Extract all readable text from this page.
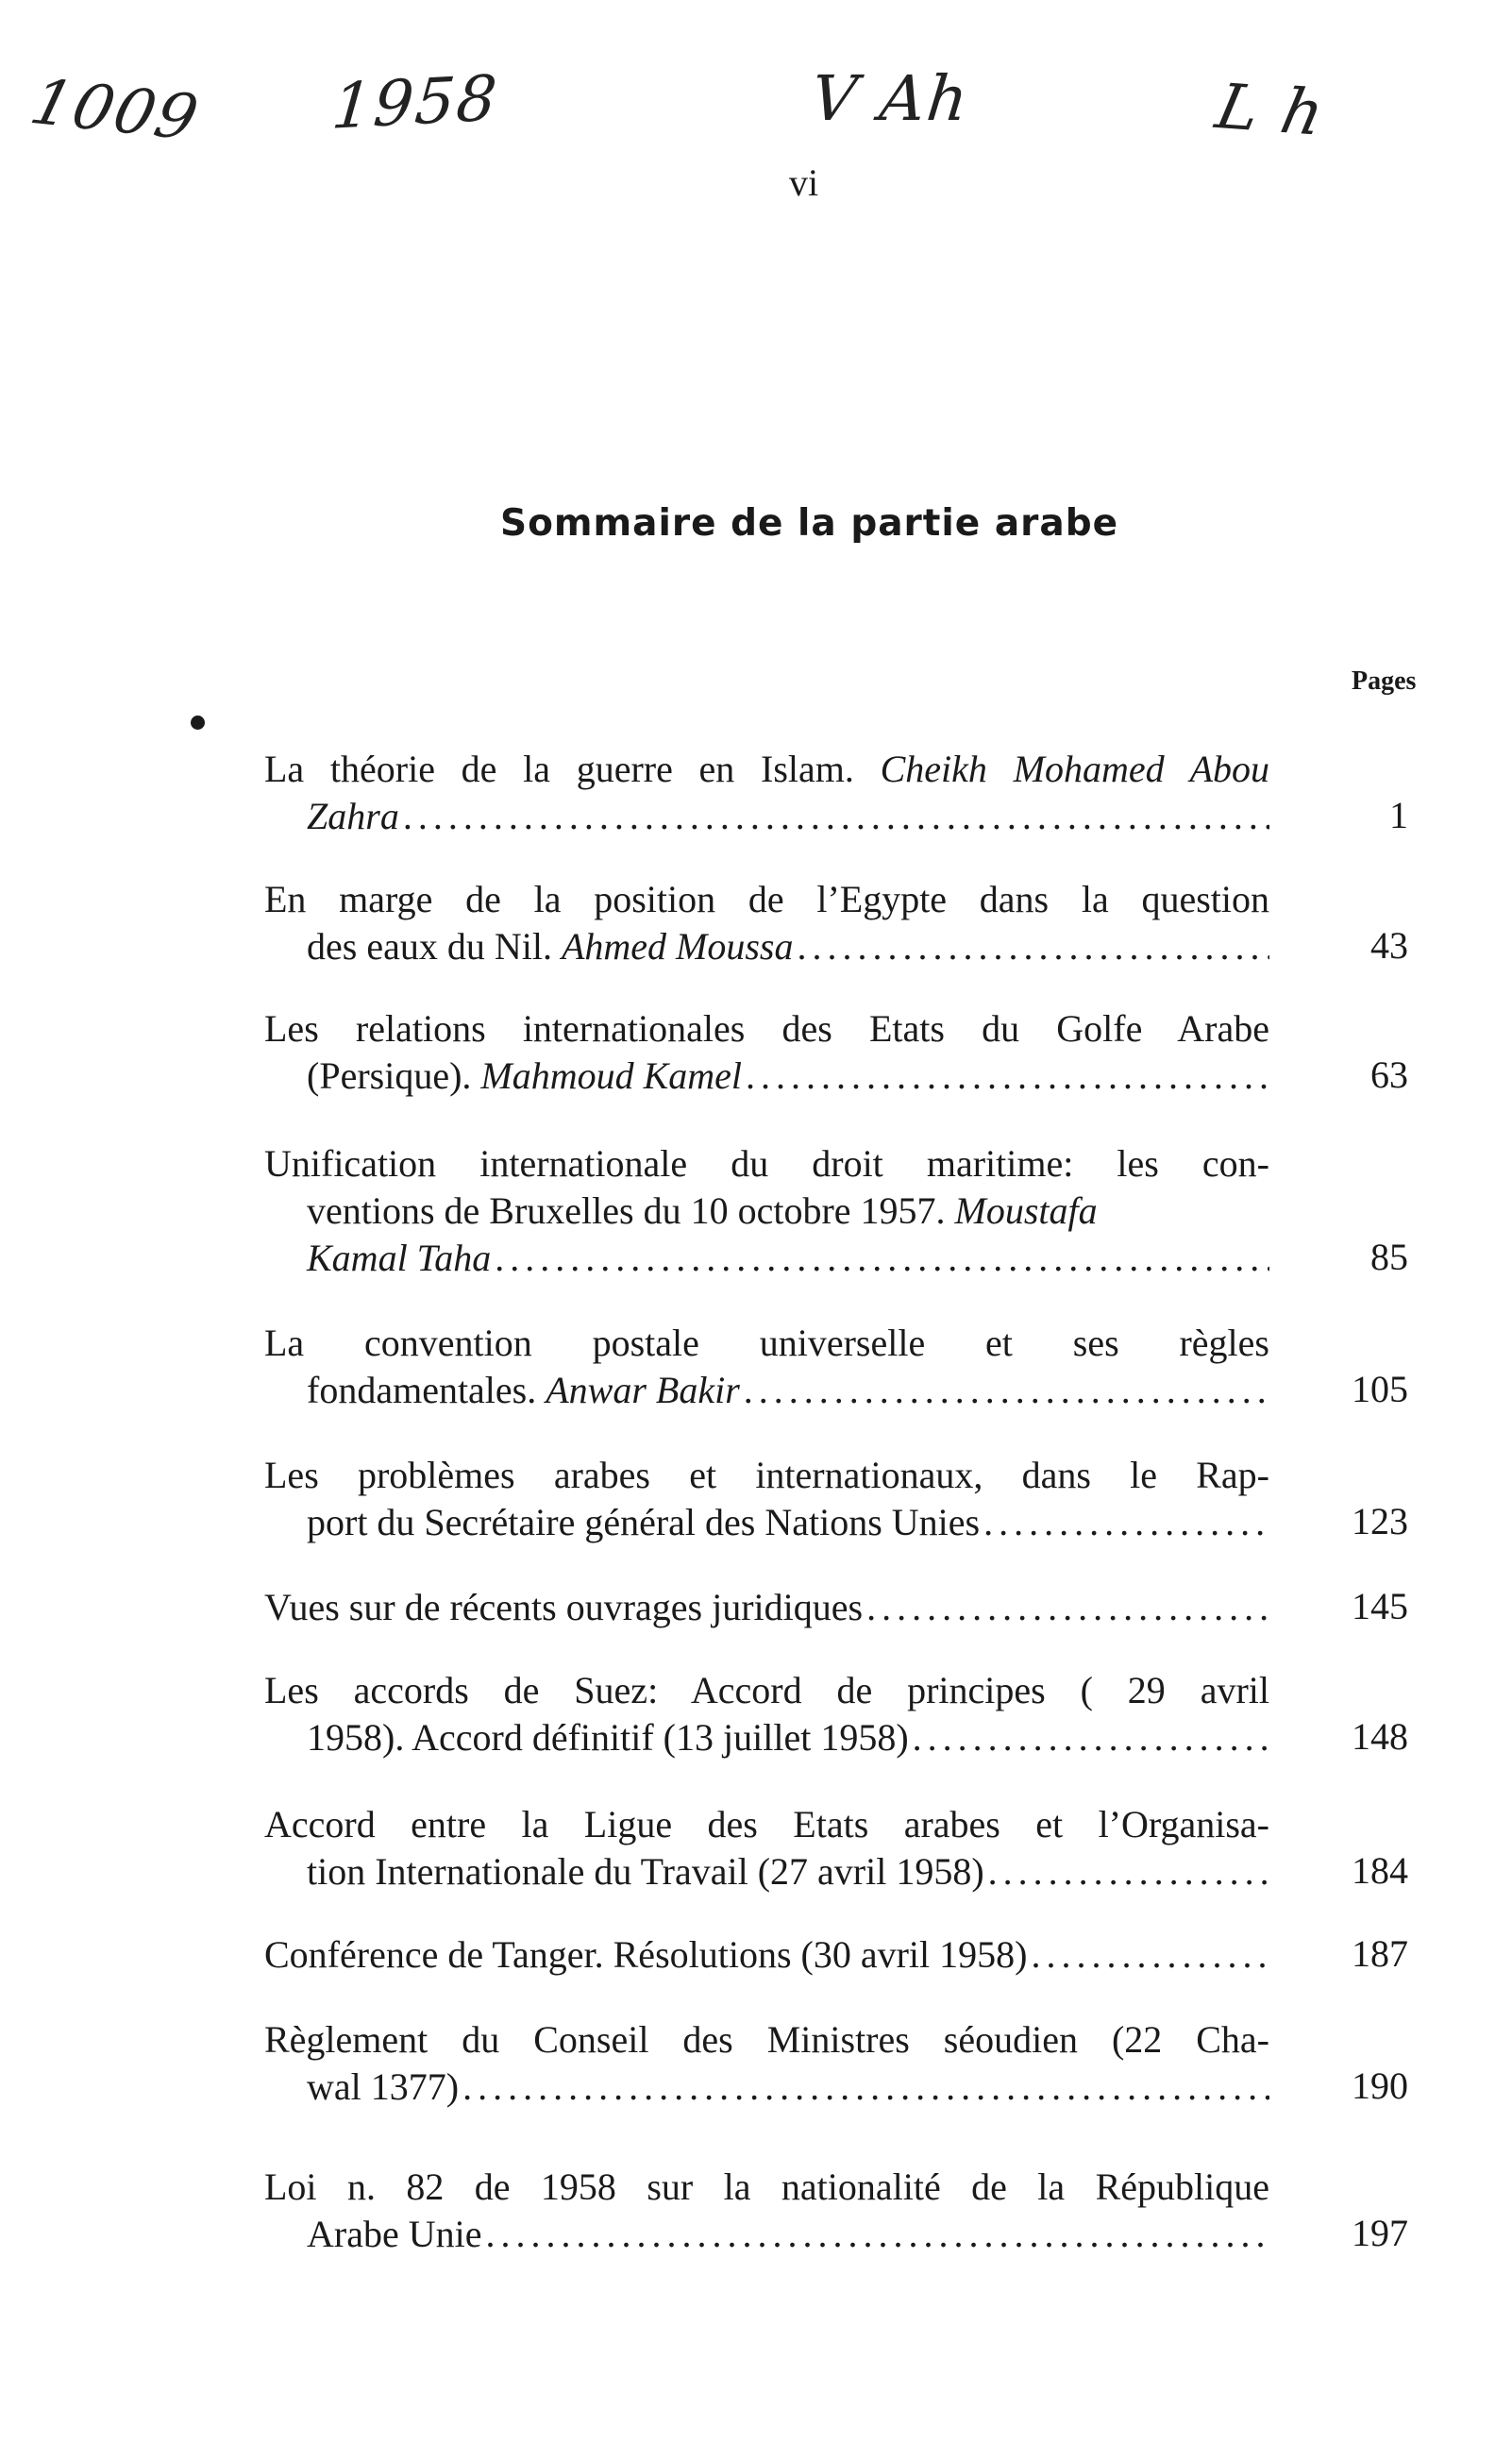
1009 1958	V Ah	L h
vi
Sommaire de la partie arabe
Pages
La théorie de la guerre en Islam. Cheikh Mohamed Abou
Zahra .....	1
En marge de la position de l’Egypte dans la question
des eaux du Nil.
Ahmed Moussa .....	43
Les relations internationales des Etats du Golfe Arabe
(Persique).
Mahmoud Kamel .....	63
Unification internationale du droit maritime: les con-
ventions de Bruxelles du 10 octobre 1957. Moustafa
Kamal Taha .....	85
La convention postale universelle et ses règles
fondamentales.
Anwar Bakir .....	105
Les problèmes arabes et internationaux, dans le Rap-
port du Secrétaire général des Nations Unies .....	123
Vues sur de récents ouvrages juridiques .....	145
Les accords de Suez: Accord de principes ( 29 avril
1958). Accord définitif (13 juillet 1958) .....	148
Accord entre la Ligue des Etats arabes et l’Organisa-
tion Internationale du Travail (27 avril 1958) .....	184
Conférence de Tanger. Résolutions (30 avril 1958) .....	187
Règlement du Conseil des Ministres séoudien (22 Cha-
wal 1377) .....	190
Loi n. 82 de 1958 sur la nationalité de la République
Arabe Unie .....	197
